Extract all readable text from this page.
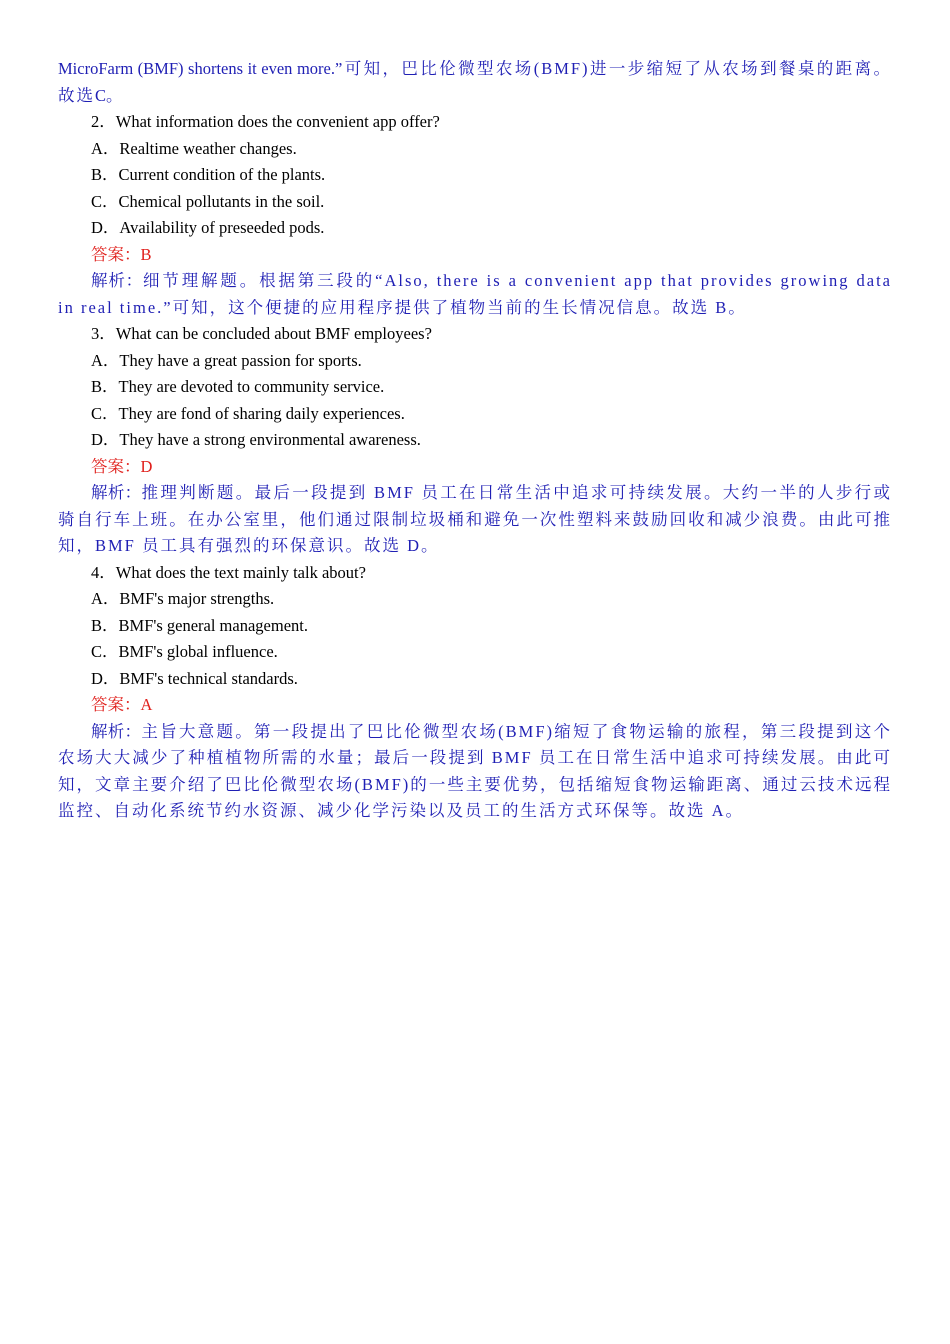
MicroFarm (BMF) shortens it even more.”可知，巴比伦微型农场(BMF)进一步缩短了从农场到餐桌的距离。故选C。
2．What information does the convenient app offer?
A．Realtime weather changes.
B．Current condition of the plants.
C．Chemical pollutants in the soil.
D．Availability of preseeded pods.
答案：B
解析：细节理解题。根据第三段的“Also, there is a convenient app that provides growing data in real time.”可知，这个便捷的应用程序提供了植物当前的生长情况信息。故选 B。
3．What can be concluded about BMF employees?
A．They have a great passion for sports.
B．They are devoted to community service.
C．They are fond of sharing daily experiences.
D．They have a strong environmental awareness.
答案：D
解析：推理判断题。最后一段提到 BMF 员工在日常生活中追求可持续发展。大约一半的人步行或骑自行车上班。在办公室里，他们通过限制垃圾桶和避免一次性塑料来鼓励回收和减少浪费。由此可推知，BMF 员工具有强烈的环保意识。故选 D。
4．What does the text mainly talk about?
A．BMF's major strengths.
B．BMF's general management.
C．BMF's global influence.
D．BMF's technical standards.
答案：A
解析：主旨大意题。第一段提出了巴比伦微型农场(BMF)缩短了食物运输的旅程，第三段提到这个农场大大减少了种植植物所需的水量；最后一段提到 BMF 员工在日常生活中追求可持续发展。由此可知，文章主要介绍了巴比伦微型农场(BMF)的一些主要优势，包括缩短食物运输距离、通过云技术远程监控、自动化系统节约水资源、减少化学污染以及员工的生活方式环保等。故选 A。
